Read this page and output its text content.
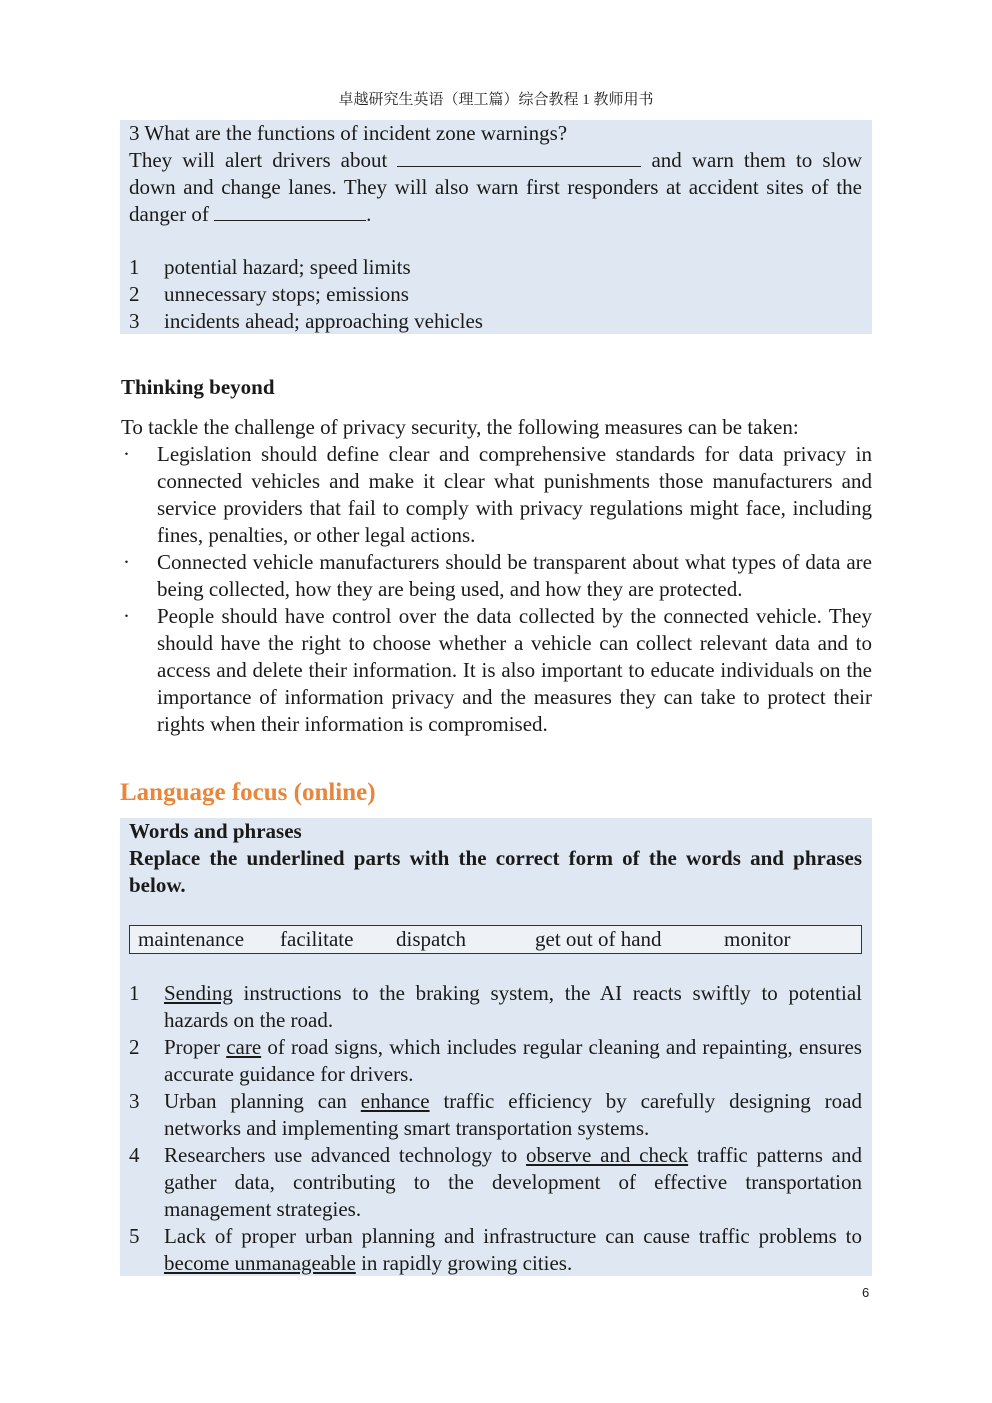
卓越研究生英语（理工篇）综合教程 1 教师用书
3 What are the functions of incident zone warnings?
They will alert drivers about	and warn them to slow down and change lanes. They will also warn first responders at accident sites of the danger of	.
1	potential hazard; speed limits
2	unnecessary stops; emissions
3	incidents ahead; approaching vehicles
Thinking beyond
To tackle the challenge of privacy security, the following measures can be taken:
·	Legislation should define clear and comprehensive standards for data privacy in connected vehicles and make it clear what punishments those manufacturers and service providers that fail to comply with privacy regulations might face, including fines, penalties, or other legal actions.
·	Connected vehicle manufacturers should be transparent about what types of data are being collected, how they are being used, and how they are protected.
·	People should have control over the data collected by the connected vehicle. They should have the right to choose whether a vehicle can collect relevant data and to access and delete their information. It is also important to educate individuals on the importance of information privacy and the measures they can take to protect their rights when their information is compromised.
Language focus (online)
Words and phrases
Replace the underlined parts with the correct form of the words and phrases below.
maintenance facilitate dispatch	get out of hand	monitor
1	Sending instructions to the braking system, the AI reacts swiftly to potential hazards on the road.
2	Proper care of road signs, which includes regular cleaning and repainting, ensures accurate guidance for drivers.
3	Urban planning can enhance traffic efficiency by carefully designing road networks and implementing smart transportation systems.
4	Researchers use advanced technology to observe and check traffic patterns and gather data, contributing to the development of effective transportation management strategies.
5	Lack of proper urban planning and infrastructure can cause traffic problems to become unmanageable in rapidly growing cities.
6
